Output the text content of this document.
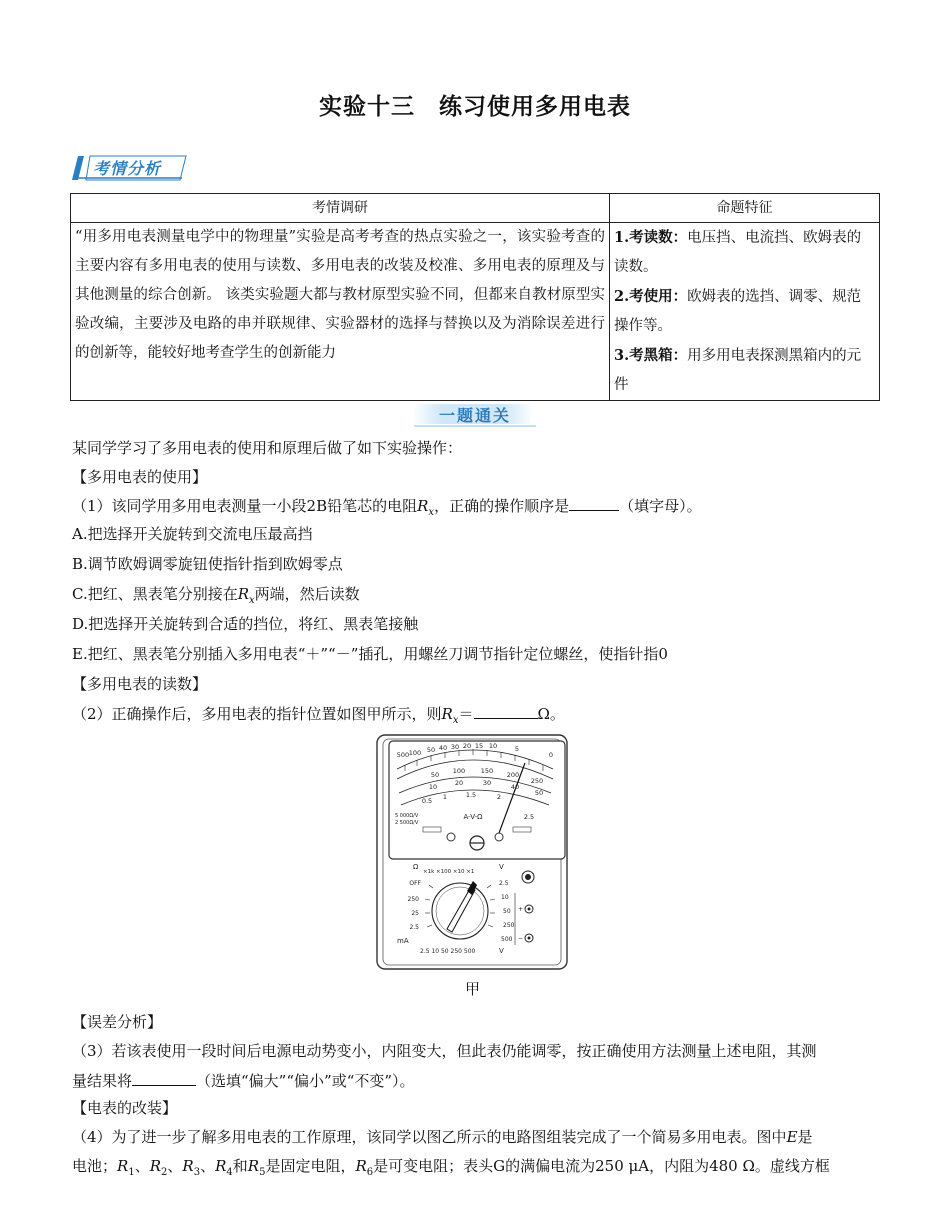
实验十三　练习使用多用电表
考情分析
考情调研	命题特征
“用多用电表测量电学中的物理量”实验是高考考查的热点实验之一，该实验考查的主要内容有多用电表的使用与读数、多用电表的改装及校准、多用电表的原理及与其他测量的综合创新。 该类实验题大都与教材原型实验不同，但都来自教材原型实验改编，主要涉及电路的串并联规律、实验器材的选择与替换以及为消除误差进行的创新等，能较好地考查学生的创新能力	1.考读数：电压挡、电流挡、欧姆表的读数。
2.考使用：欧姆表的选挡、调零、规范操作等。
3.考黑箱：用多用电表探测黑箱内的元件
一题通关
某同学学习了多用电表的使用和原理后做了如下实验操作：
【多用电表的使用】
（1）该同学用多用电表测量一小段2B铅笔芯的电阻$R_x$，正确的操作顺序是	（填字母）。
A.把选择开关旋转到交流电压最高挡
B.调节欧姆调零旋钮使指针指到欧姆零点
C.把红、黑表笔分别接在$R_x$两端，然后读数
D.把选择开关旋转到合适的挡位，将红、黑表笔接触
E.把红、黑表笔分别插入多用电表“＋”“－”插孔，用螺丝刀调节指针定位螺丝，使指针指0
【多用电表的读数】
（2）正确操作后，多用电表的指针位置如图甲所示，则$R_x=$	Ω。
500 100 50 40 30 20 15 10	5
0
50 100 150 200
250
10	20	30	40
50
0.5 1	1.5	2
2.5
A-V-Ω
5 000Ω/V
2 500Ω/V
Ω
×1k ×100 ×10 ×1
V
OFF
250
25
2.5
mA
2.5
10
50
250
500
+
−
2.5 10 50 250 500	V
甲
【误差分析】
（3）若该表使用一段时间后电源电动势变小，内阻变大，但此表仍能调零，按正确使用方法测量上述电阻，其测
量结果将	（选填“偏大”“偏小”或“不变”）。
【电表的改装】
（4）为了进一步了解多用电表的工作原理，该同学以图乙所示的电路图组装完成了一个简易多用电表。图中E是
电池；$R_1$、$R_2$、$R_3$、$R_4$和$R_5$是固定电阻，$R_6$是可变电阻；表头G的满偏电流为250 μA，内阻为480 Ω。虚线方框
